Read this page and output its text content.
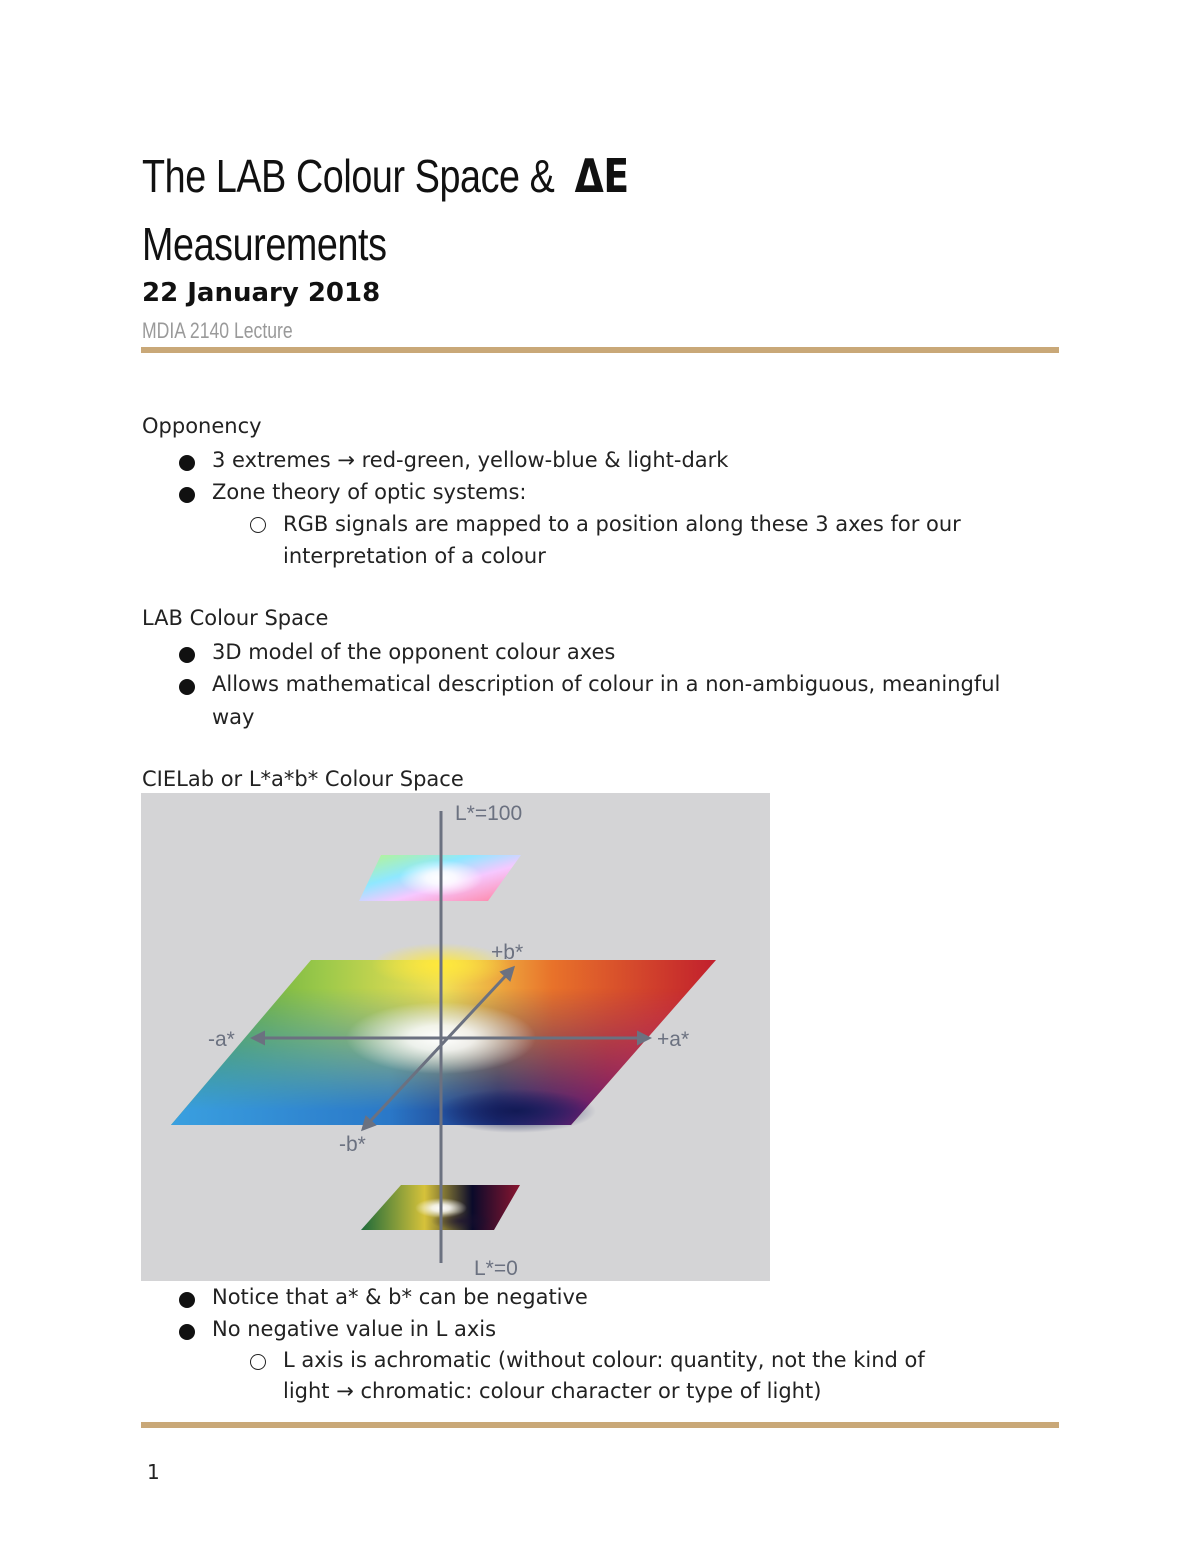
The LAB Colour Space & ΔE
Measurements
22 January 2018
MDIA 2140 Lecture
Opponency
3 extremes → red-green, yellow-blue & light-dark
Zone theory of optic systems:
RGB signals are mapped to a position along these 3 axes for our
interpretation of a colour
LAB Colour Space
3D model of the opponent colour axes
Allows mathematical description of colour in a non-ambiguous, meaningful
way
CIELab or L*a*b* Colour Space
L*=100
L*=0
+b*
-b*
+a*
-a*
Notice that a* & b* can be negative
No negative value in L axis
L axis is achromatic (without colour: quantity, not the kind of
light → chromatic: colour character or type of light)
1
